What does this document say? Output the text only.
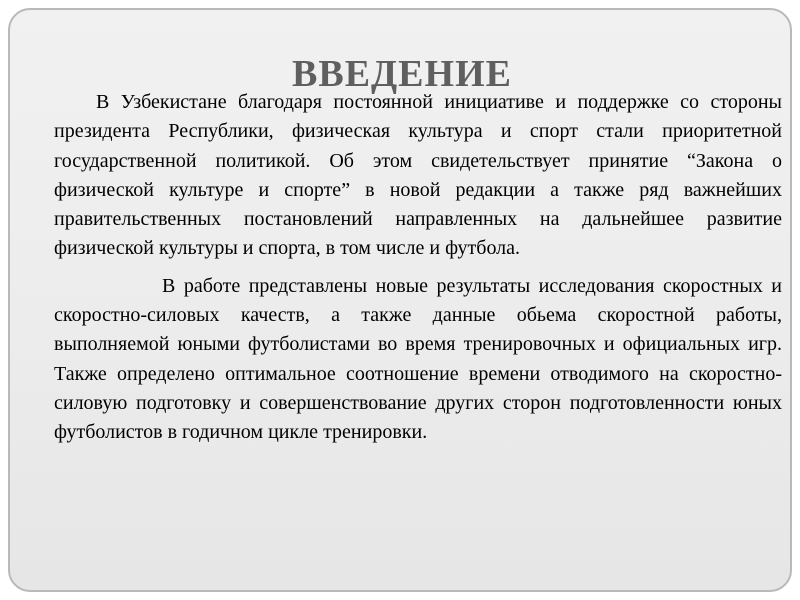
ВВЕДЕНИЕ

В Узбекистане благодаря постоянной инициативе и поддержке со стороны президента Республики, физическая культура и спорт стали приоритетной государственной политикой. Об этом свидетельствует принятие “Закона о физической культуре и спорте” в новой редакции а также ряд важнейших правительственных постановлений направленных на дальнейшее развитие физической культуры и спорта, в том числе и футбола.

В работе представлены новые результаты исследования скоростных и скоростно-силовых качеств, а также данные обьема скоростной работы, выполняемой юными футболистами во время тренировочных и официальных игр. Также определено оптимальное соотношение времени отводимого на скоростно-силовую подготовку и совершенствование других сторон подготовленности юных футболистов в годичном цикле тренировки.
